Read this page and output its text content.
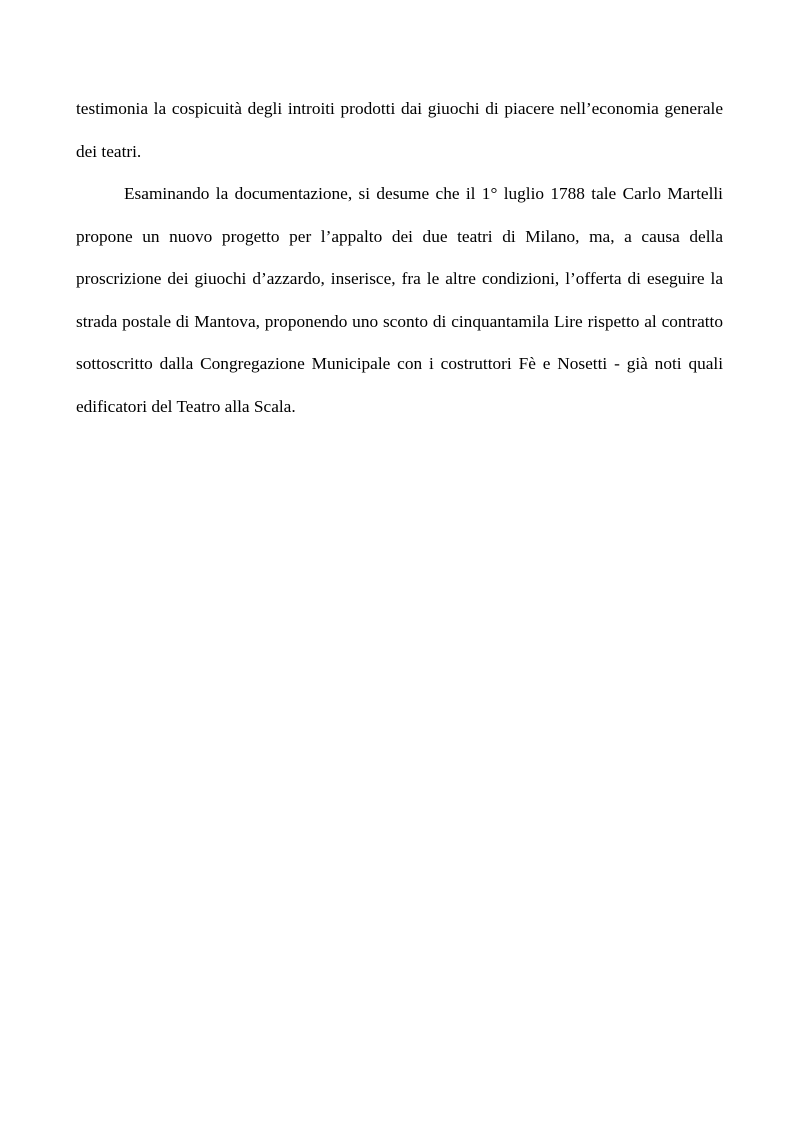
testimonia la cospicuità degli introiti prodotti dai giuochi di piacere nell’economia generale dei teatri.

Esaminando la documentazione, si desume che il 1° luglio 1788 tale Carlo Martelli propone un nuovo progetto per l’appalto dei due teatri di Milano, ma, a causa della proscrizione dei giuochi d’azzardo, inserisce, fra le altre condizioni, l’offerta di eseguire la strada postale di Mantova, proponendo uno sconto di cinquantamila Lire rispetto al contratto sottoscritto dalla Congregazione Municipale con i costruttori Fè e Nosetti - già noti quali edificatori del Teatro alla Scala.
